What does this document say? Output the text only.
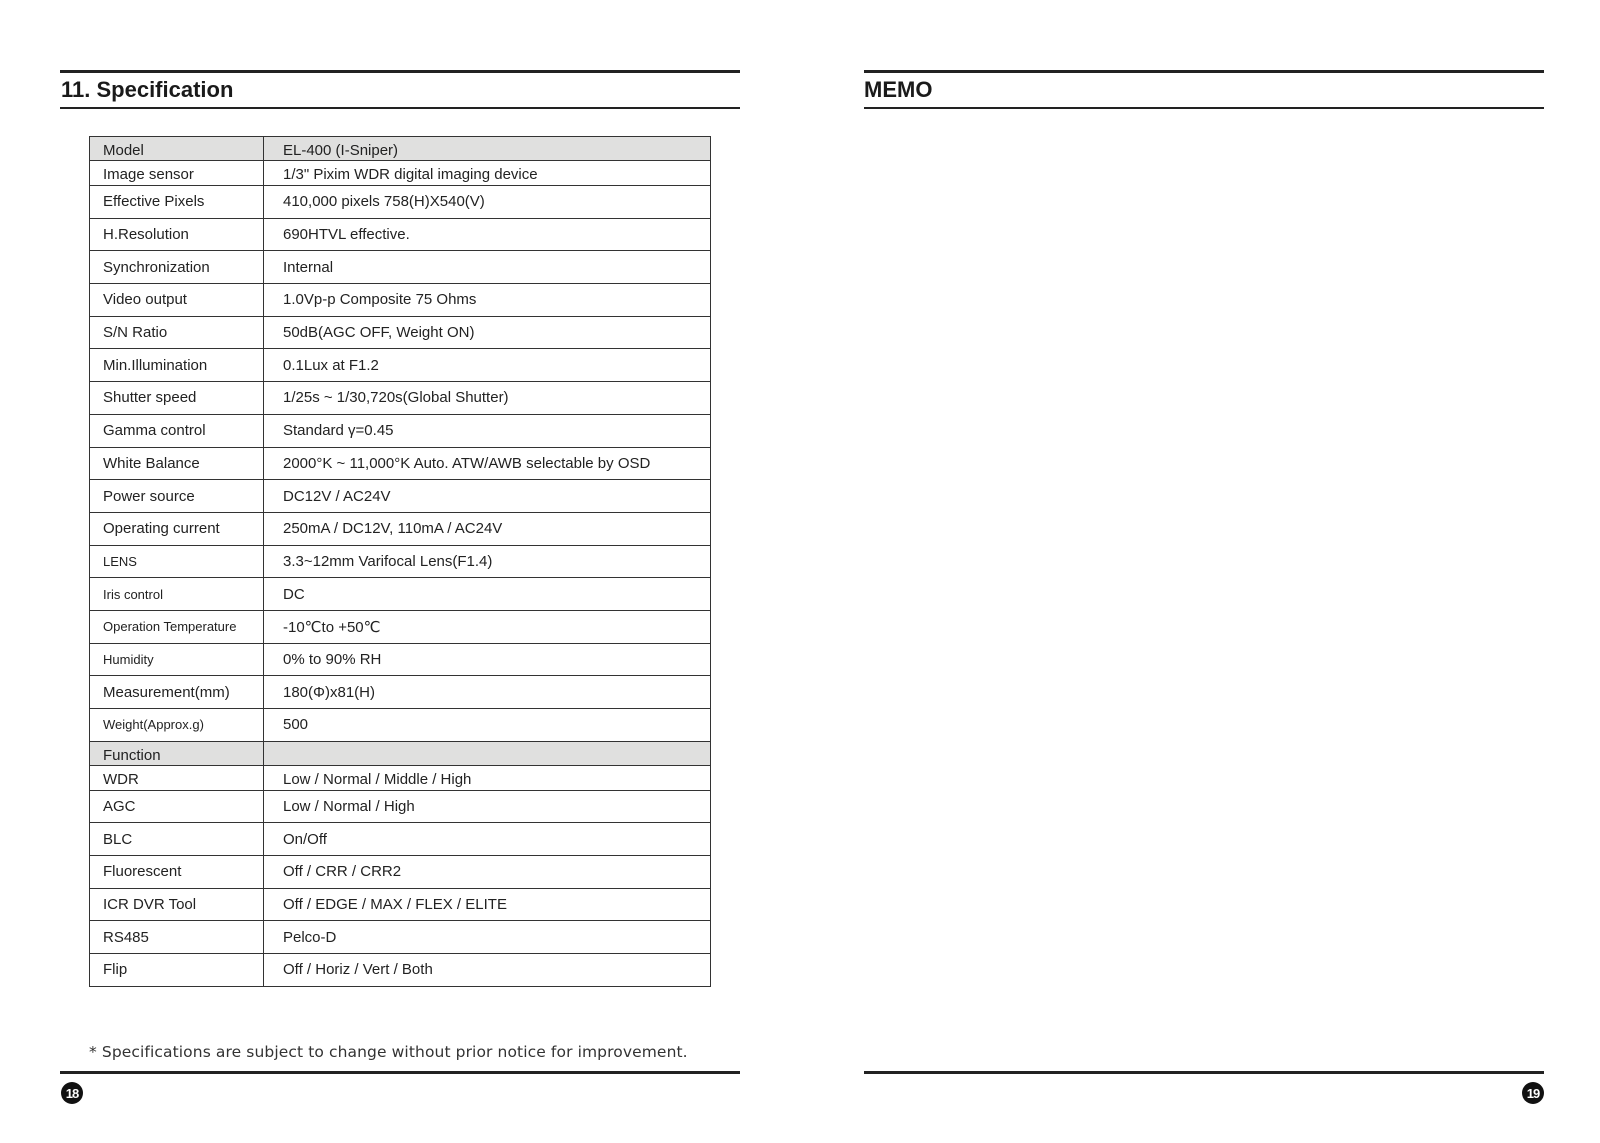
11. Specification
Model	EL-400 (I-Sniper)
Image sensor	1/3" Pixim WDR digital imaging device
Effective Pixels	410,000 pixels 758(H)X540(V)
H.Resolution	690HTVL effective.
Synchronization	Internal
Video output	1.0Vp-p Composite 75 Ohms
S/N Ratio	50dB(AGC OFF, Weight ON)
Min.Illumination	0.1Lux at F1.2
Shutter speed	1/25s ~ 1/30,720s(Global Shutter)
Gamma control	Standard γ=0.45
White Balance	2000°K ~ 11,000°K Auto. ATW/AWB selectable by OSD
Power source	DC12V / AC24V
Operating current	250mA / DC12V, 110mA / AC24V
LENS	3.3~12mm Varifocal Lens(F1.4)
Iris control	DC
Operation Temperature	-10℃to +50℃
Humidity	0% to 90% RH
Measurement(mm)	180(Φ)x81(H)
Weight(Approx.g)	500
Function	
WDR	Low / Normal / Middle / High
AGC	Low / Normal / High
BLC	On/Off
Fluorescent	Off / CRR / CRR2
ICR DVR Tool	Off / EDGE / MAX / FLEX / ELITE
RS485	Pelco-D
Flip	Off / Horiz / Vert / Both
* Specifications are subject to change without prior notice for improvement.
18
MEMO
19
